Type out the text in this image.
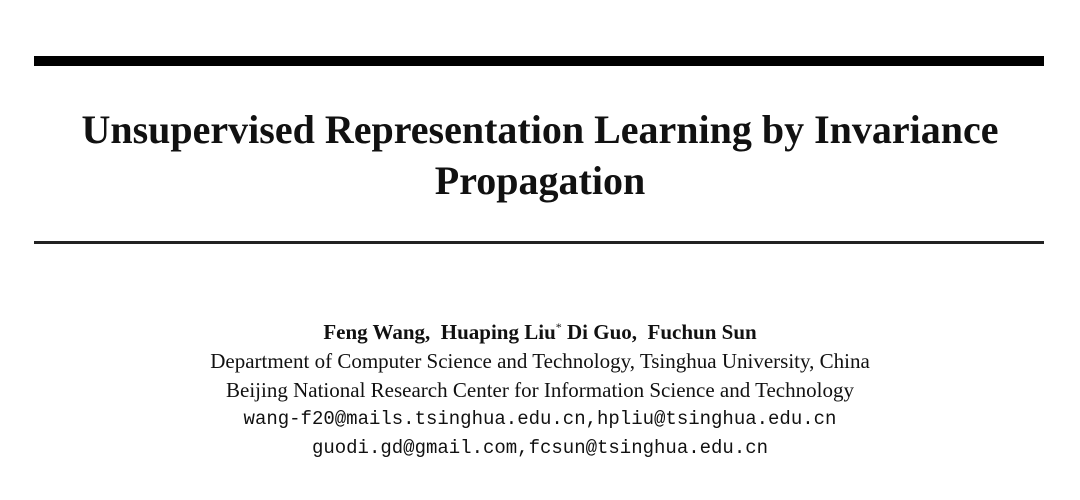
Unsupervised Representation Learning by Invariance
Propagation
Feng Wang,  Huaping Liu* Di Guo,  Fuchun Sun
Department of Computer Science and Technology, Tsinghua University, China
Beijing National Research Center for Information Science and Technology
wang-f20@mails.tsinghua.edu.cn,hpliu@tsinghua.edu.cn
guodi.gd@gmail.com,fcsun@tsinghua.edu.cn
